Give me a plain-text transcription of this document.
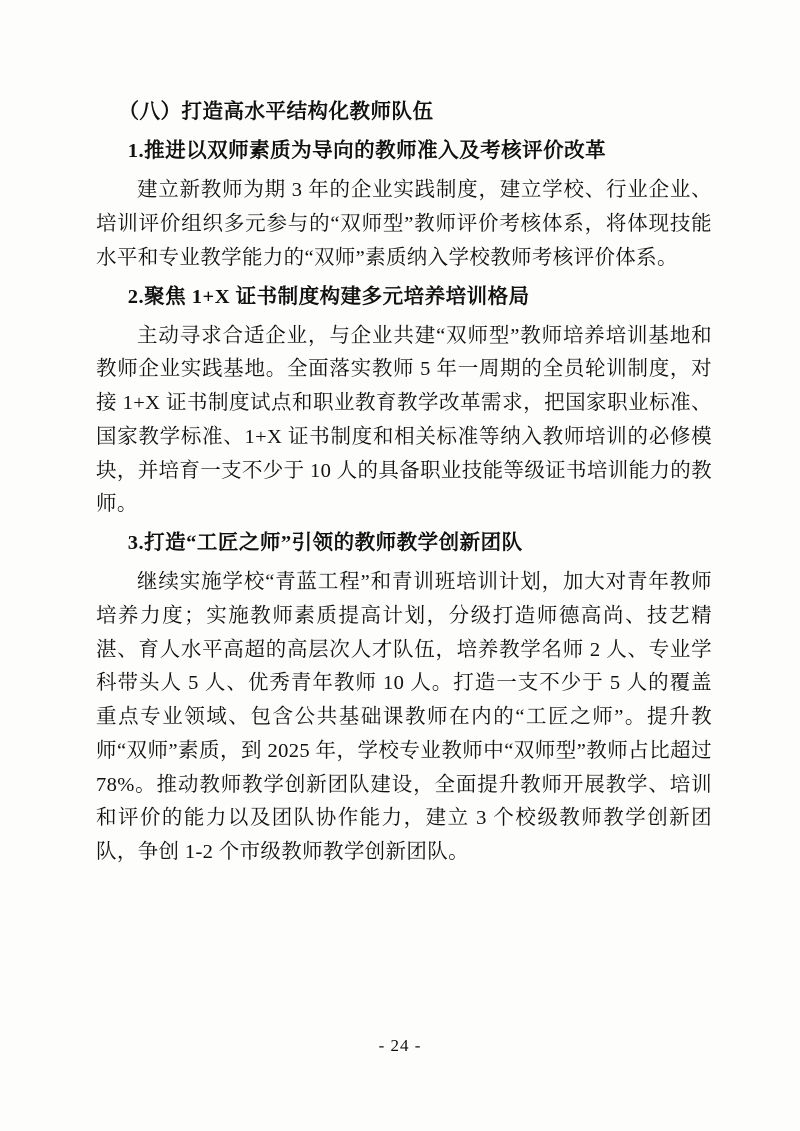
（八）打造高水平结构化教师队伍

1.推进以双师素质为导向的教师准入及考核评价改革

建立新教师为期 3 年的企业实践制度，建立学校、行业企业、培训评价组织多元参与的“双师型”教师评价考核体系，将体现技能水平和专业教学能力的“双师”素质纳入学校教师考核评价体系。

2.聚焦 1+X 证书制度构建多元培养培训格局

主动寻求合适企业，与企业共建“双师型”教师培养培训基地和教师企业实践基地。全面落实教师 5 年一周期的全员轮训制度，对接 1+X 证书制度试点和职业教育教学改革需求，把国家职业标准、国家教学标准、1+X 证书制度和相关标准等纳入教师培训的必修模块，并培育一支不少于 10 人的具备职业技能等级证书培训能力的教师。

3.打造“工匠之师”引领的教师教学创新团队

继续实施学校“青蓝工程”和青训班培训计划，加大对青年教师培养力度；实施教师素质提高计划，分级打造师德高尚、技艺精湛、育人水平高超的高层次人才队伍，培养教学名师 2 人、专业学科带头人 5 人、优秀青年教师 10 人。打造一支不少于 5 人的覆盖重点专业领域、包含公共基础课教师在内的“工匠之师”。提升教师“双师”素质，到 2025 年，学校专业教师中“双师型”教师占比超过 78%。推动教师教学创新团队建设，全面提升教师开展教学、培训和评价的能力以及团队协作能力，建立 3 个校级教师教学创新团队，争创 1-2 个市级教师教学创新团队。

- 24 -
